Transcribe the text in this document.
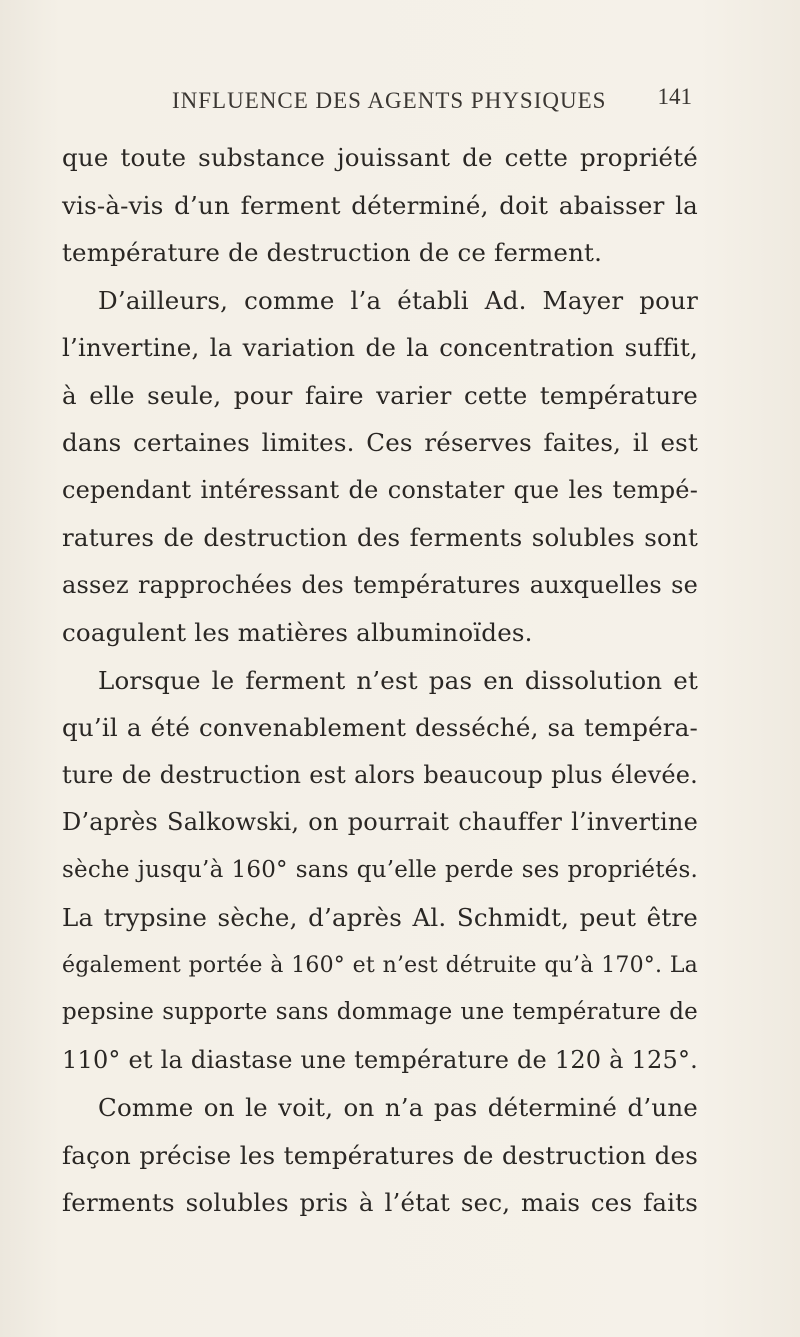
INFLUENCE DES AGENTS PHYSIQUES 141
que toute substance jouissant de cette propriété
vis-à-vis d’un ferment déterminé, doit abaisser la
température de destruction de ce ferment.
D’ailleurs, comme l’a établi Ad. Mayer pour
l’invertine, la variation de la concentration suffit,
à elle seule, pour faire varier cette température
dans certaines limites. Ces réserves faites, il est
cependant intéressant de constater que les tempé-
ratures de destruction des ferments solubles sont
assez rapprochées des températures auxquelles se
coagulent les matières albuminoïdes.
Lorsque le ferment n’est pas en dissolution et
qu’il a été convenablement desséché, sa tempéra-
ture de destruction est alors beaucoup plus élevée.
D’après Salkowski, on pourrait chauffer l’invertine
sèche jusqu’à 160° sans qu’elle perde ses propriétés.
La trypsine sèche, d’après Al. Schmidt, peut être
également portée à 160° et n’est détruite qu’à 170°. La
pepsine supporte sans dommage une température de
110° et la diastase une température de 120 à 125°.
Comme on le voit, on n’a pas déterminé d’une
façon précise les températures de destruction des
ferments solubles pris à l’état sec, mais ces faits
